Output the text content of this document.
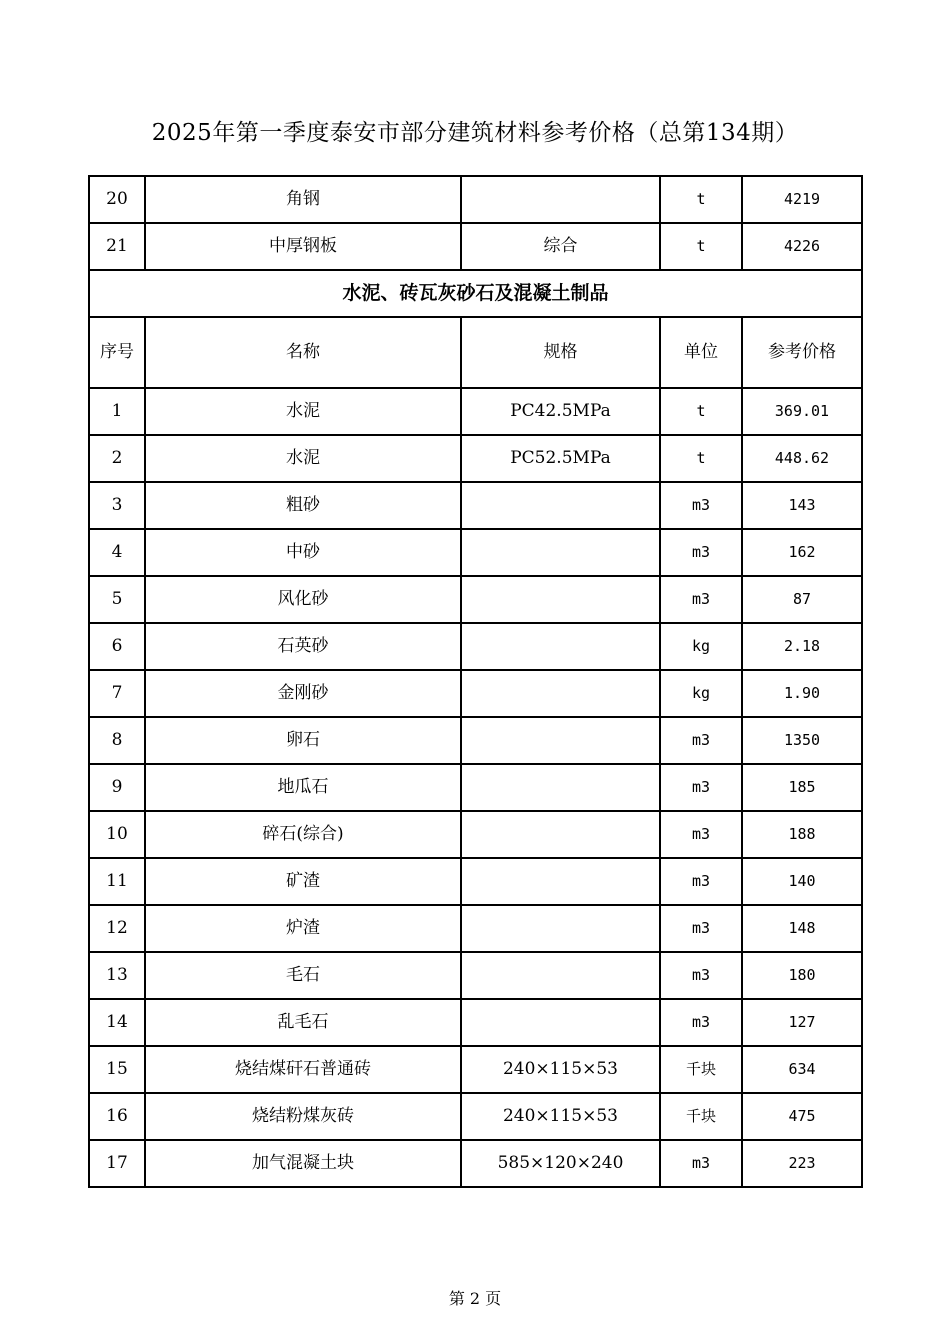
2025年第一季度泰安市部分建筑材料参考价格（总第134期）
20	角钢		t	4219
21	中厚钢板	综合	t	4226
水泥、砖瓦灰砂石及混凝土制品				
序号	名称	规格	单位	参考价格
1	水泥	PC42.5MPa	t	369.01
2	水泥	PC52.5MPa	t	448.62
3	粗砂		m3	143
4	中砂		m3	162
5	风化砂		m3	87
6	石英砂		kg	2.18
7	金刚砂		kg	1.90
8	卵石		m3	1350
9	地瓜石		m3	185
10	碎石(综合)		m3	188
11	矿渣		m3	140
12	炉渣		m3	148
13	毛石		m3	180
14	乱毛石		m3	127
15	烧结煤矸石普通砖	240×115×53	千块	634
16	烧结粉煤灰砖	240×115×53	千块	475
17	加气混凝土块	585×120×240	m3	223
第 2 页
